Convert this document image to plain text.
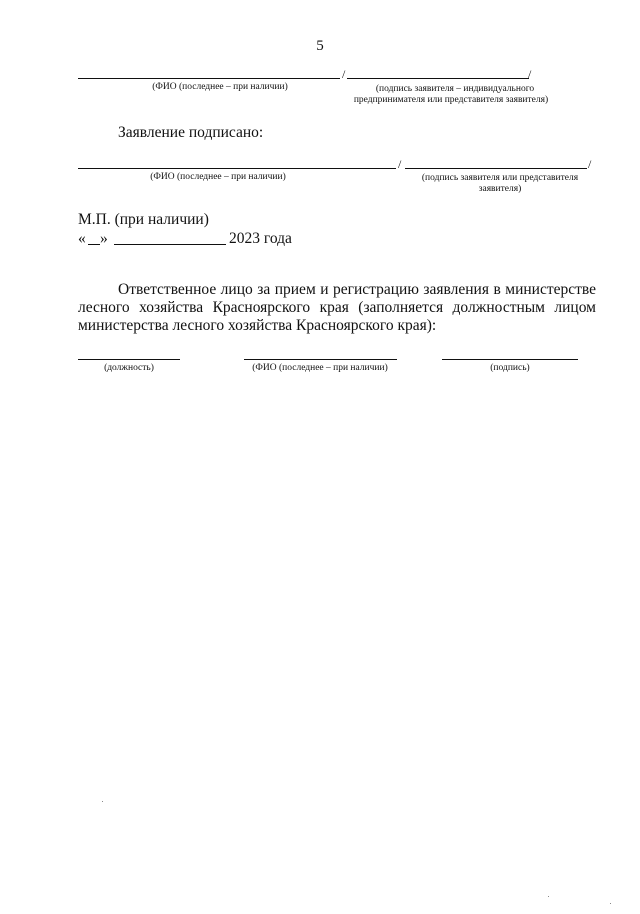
5
/	/
(ФИО (последнее – при наличии)	(подпись заявителя – индивидуального
предпринимателя или представителя заявителя)
Заявление подписано:
/	/
(ФИО (последнее – при наличии)	(подпись заявителя или представителя
заявителя)
М.П. (при наличии)
« »	2023 года
Ответственное лицо за прием и регистрацию заявления в министерстве лесного хозяйства Красноярского края (заполняется должностным лицом министерства лесного хозяйства Красноярского края):
(должность)	(ФИО (последнее – при наличии)	(подпись)
